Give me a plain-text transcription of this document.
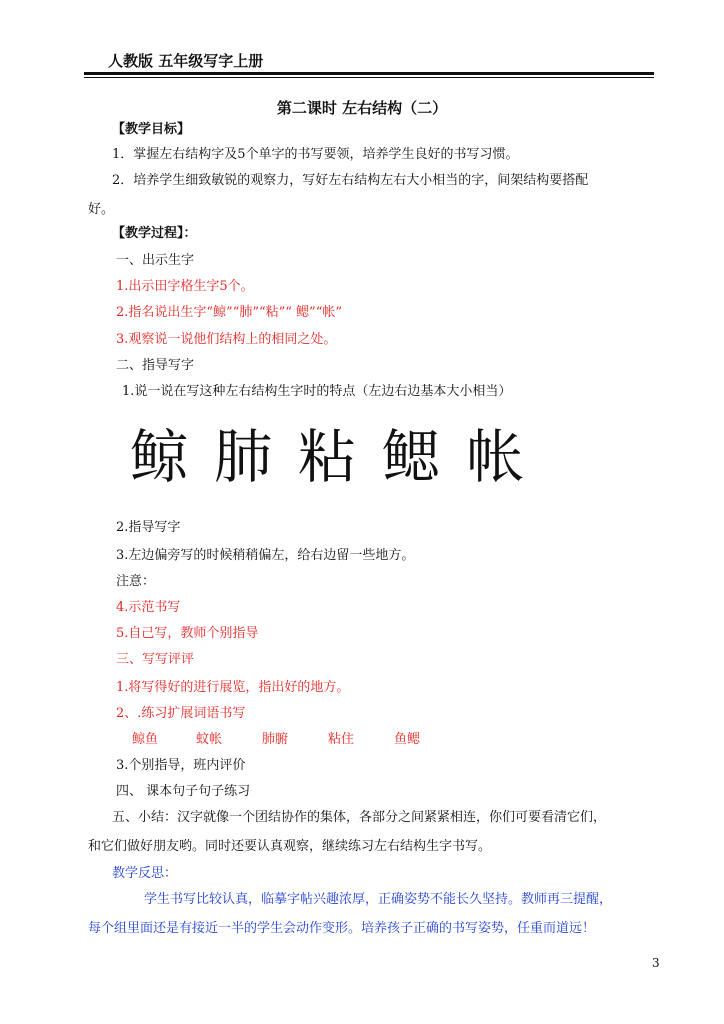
人教版 五年级写字上册
第二课时 左右结构（二）
【教学目标】
1．掌握左右结构字及5个单字的书写要领，培养学生良好的书写习惯。
2．培养学生细致敏锐的观察力，写好左右结构左右大小相当的字，间架结构要搭配
好。
【教学过程】：
一、出示生字
1.出示田字格生字5个。
2.指名说出生字“鲸”“肺”“粘”“ 鳃”“帐”
3.观察说一说他们结构上的相同之处。
二、指导写字
1.说一说在写这种左右结构生字时的特点（左边右边基本大小相当）
鲸 肺 粘 鳃 帐
2.指导写字
3.左边偏旁写的时候稍稍偏左，给右边留一些地方。
注意：
4.示范书写
5.自己写，教师个别指导
三、写写评评
1.将写得好的进行展览，指出好的地方。
2、.练习扩展词语书写
鲸鱼	蚊帐	肺腑	粘住	鱼鳃
3.个别指导，班内评价
四、 课本句子句子练习
五、小结：汉字就像一个团结协作的集体，各部分之间紧紧相连，你们可要看清它们，
和它们做好朋友哟。同时还要认真观察，继续练习左右结构生字书写。
教学反思：
学生书写比较认真，临摹字帖兴趣浓厚，正确姿势不能长久坚持。教师再三提醒，
每个组里面还是有接近一半的学生会动作变形。培养孩子正确的书写姿势，任重而道远！
3
